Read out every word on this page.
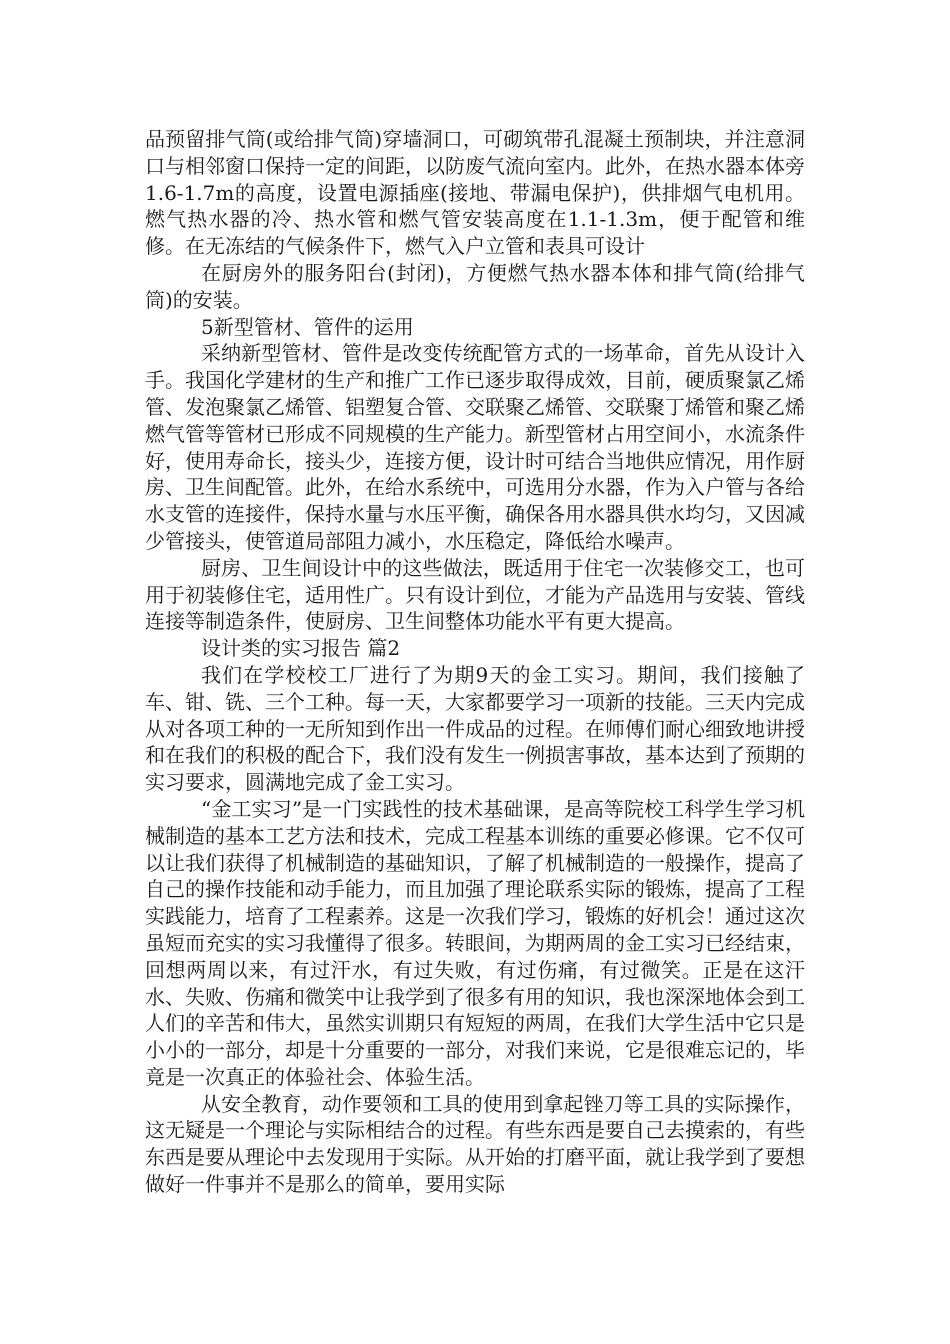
品预留排气筒(或给排气筒)穿墙洞口，可砌筑带孔混凝土预制块，并注意洞口与相邻窗口保持一定的间距，以防废气流向室内。此外，在热水器本体旁1.6-1.7m的高度，设置电源插座(接地、带漏电保护)，供排烟气电机用。燃气热水器的冷、热水管和燃气管安装高度在1.1-1.3m，便于配管和维修。在无冻结的气候条件下，燃气入户立管和表具可设计

在厨房外的服务阳台(封闭)，方便燃气热水器本体和排气筒(给排气筒)的安装。

5新型管材、管件的运用

采纳新型管材、管件是改变传统配管方式的一场革命，首先从设计入手。我国化学建材的生产和推广工作已逐步取得成效，目前，硬质聚氯乙烯管、发泡聚氯乙烯管、铝塑复合管、交联聚乙烯管、交联聚丁烯管和聚乙烯燃气管等管材已形成不同规模的生产能力。新型管材占用空间小，水流条件好，使用寿命长，接头少，连接方便，设计时可结合当地供应情况，用作厨房、卫生间配管。此外，在给水系统中，可选用分水器，作为入户管与各给水支管的连接件，保持水量与水压平衡，确保各用水器具供水均匀，又因减少管接头，使管道局部阻力减小，水压稳定，降低给水噪声。

厨房、卫生间设计中的这些做法，既适用于住宅一次装修交工，也可用于初装修住宅，适用性广。只有设计到位，才能为产品选用与安装、管线连接等制造条件，使厨房、卫生间整体功能水平有更大提高。

设计类的实习报告 篇2

我们在学校校工厂进行了为期9天的金工实习。期间，我们接触了车、钳、铣、三个工种。每一天，大家都要学习一项新的技能。三天内完成从对各项工种的一无所知到作出一件成品的过程。在师傅们耐心细致地讲授和在我们的积极的配合下，我们没有发生一例损害事故，基本达到了预期的实习要求，圆满地完成了金工实习。

“金工实习”是一门实践性的技术基础课，是高等院校工科学生学习机械制造的基本工艺方法和技术，完成工程基本训练的重要必修课。它不仅可以让我们获得了机械制造的基础知识，了解了机械制造的一般操作，提高了自己的操作技能和动手能力，而且加强了理论联系实际的锻炼，提高了工程实践能力，培育了工程素养。这是一次我们学习，锻炼的好机会！通过这次虽短而充实的实习我懂得了很多。转眼间，为期两周的金工实习已经结束，回想两周以来，有过汗水，有过失败，有过伤痛，有过微笑。正是在这汗水、失败、伤痛和微笑中让我学到了很多有用的知识，我也深深地体会到工人们的辛苦和伟大，虽然实训期只有短短的两周，在我们大学生活中它只是小小的一部分，却是十分重要的一部分，对我们来说，它是很难忘记的，毕竟是一次真正的体验社会、体验生活。

从安全教育，动作要领和工具的使用到拿起锉刀等工具的实际操作，这无疑是一个理论与实际相结合的过程。有些东西是要自己去摸索的，有些东西是要从理论中去发现用于实际。从开始的打磨平面，就让我学到了要想做好一件事并不是那么的简单，要用实际
